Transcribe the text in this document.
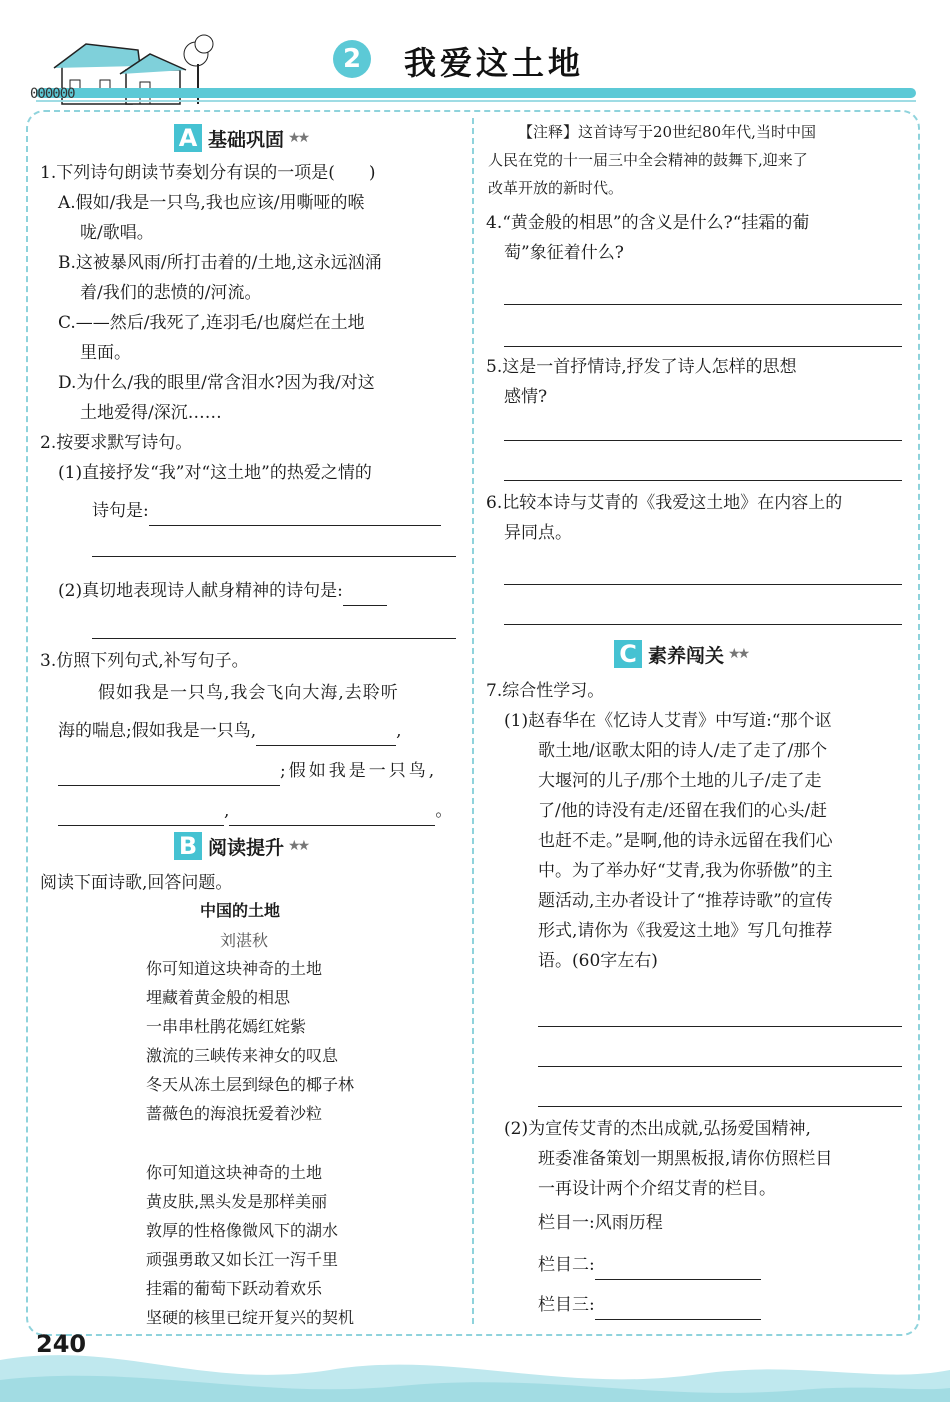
000000
2	我爱这土地
A 基础巩固 ★★
1.下列诗句朗读节奏划分有误的一项是(　　)
A.假如/我是一只鸟,我也应该/用嘶哑的喉
咙/歌唱。
B.这被暴风雨/所打击着的/土地,这永远汹涌
着/我们的悲愤的/河流。
C.——然后/我死了,连羽毛/也腐烂在土地
里面。
D.为什么/我的眼里/常含泪水?因为我/对这
土地爱得/深沉……
2.按要求默写诗句。
(1)直接抒发“我”对“这土地”的热爱之情的
诗句是:
(2)真切地表现诗人献身精神的诗句是:
3.仿照下列句式,补写句子。
假如我是一只鸟,我会飞向大海,去聆听
海的喘息;假如我是一只鸟,	,
;假如我是一只鸟,
,	。
B 阅读提升 ★★
阅读下面诗歌,回答问题。
中国的土地
刘湛秋
你可知道这块神奇的土地
埋藏着黄金般的相思
一串串杜鹃花嫣红姹紫
激流的三峡传来神女的叹息
冬天从冻土层到绿色的椰子林
蔷薇色的海浪抚爱着沙粒
你可知道这块神奇的土地
黄皮肤,黑头发是那样美丽
敦厚的性格像微风下的湖水
顽强勇敢又如长江一泻千里
挂霜的葡萄下跃动着欢乐
坚硬的核里已绽开复兴的契机
【注释】这首诗写于20世纪80年代,当时中国
人民在党的十一届三中全会精神的鼓舞下,迎来了
改革开放的新时代。
4.“黄金般的相思”的含义是什么?“挂霜的葡
萄”象征着什么?
5.这是一首抒情诗,抒发了诗人怎样的思想
感情?
6.比较本诗与艾青的《我爱这土地》在内容上的
异同点。
C 素养闯关 ★★
7.综合性学习。
(1)赵春华在《忆诗人艾青》中写道:“那个讴
歌土地/讴歌太阳的诗人/走了走了/那个
大堰河的儿子/那个土地的儿子/走了走
了/他的诗没有走/还留在我们的心头/赶
也赶不走。”是啊,他的诗永远留在我们心
中。为了举办好“艾青,我为你骄傲”的主
题活动,主办者设计了“推荐诗歌”的宣传
形式,请你为《我爱这土地》写几句推荐
语。(60字左右)
(2)为宣传艾青的杰出成就,弘扬爱国精神,
班委准备策划一期黑板报,请你仿照栏目
一再设计两个介绍艾青的栏目。
栏目一:风雨历程
栏目二:
栏目三:
240
